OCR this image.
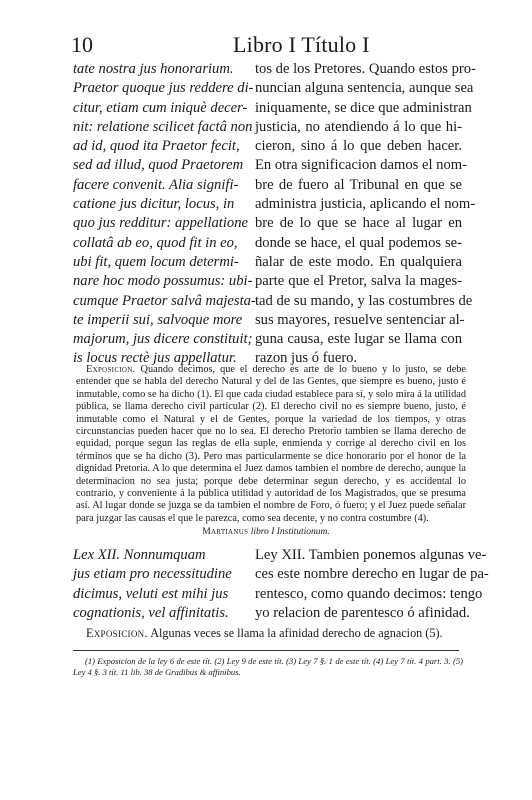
10	Libro I Título I
tate nostra jus honorarium.
Praetor quoque jus reddere di-
citur, etiam cum iniquè decer-
nit: relatione scilicet factâ non
ad id, quod ita Praetor fecit,
sed ad illud, quod Praetorem
facere convenit. Alia signifi-
catione jus dicitur, locus, in
quo jus redditur: appellatione
collatâ ab eo, quod fit in eo,
ubi fit, quem locum determi-
nare hoc modo possumus: ubi-
cumque Praetor salvâ majesta-
te imperii sui, salvoque more
majorum, jus dicere constituit;
is locus rectè jus appellatur.
tos de los Pretores. Quando estos pro-
nuncian alguna sentencia, aunque sea
iniquamente, se dice que administran
justicia, no atendiendo á lo que hi-
cieron, sino á lo que deben hacer.
En otra significacion damos el nom-
bre de fuero al Tribunal en que se
administra justicia, aplicando el nom-
bre de lo que se hace al lugar en
donde se hace, el qual podemos se-
ñalar de este modo. En qualquiera
parte que el Pretor, salva la mages-
tad de su mando, y las costumbres de
sus mayores, resuelve sentenciar al-
guna causa, este lugar se llama con
razon jus ó fuero.
Exposicion. Quando decimos, que el derecho es arte de lo bueno y lo justo, se debe entender que se habla del derecho Natural y del de las Gentes, que siempre es bueno, justo é inmutable, como se ha dicho (1). El que cada ciudad establece para sí, y solo mira á la utilidad pública, se llama derecho civil particular (2). El derecho civil no es siempre bueno, justo, é inmutable como el Natural y el de Gentes, porque la variedad de los tiempos, y otras circunstancias pueden hacer que no lo sea. El derecho Pretorio tambien se llama derecho de equidad, porque segun las reglas de ella suple, enmienda y corrige al derecho civil en los términos que se ha dicho (3). Pero mas particularmente se dice honorario por el honor de la dignidad Pretoria. A lo que determina el Juez damos tambien el nombre de derecho, aunque la determinacion no sea justa; porque debe determinar segun derecho, y es accidental lo contrario, y conveniente á la pública utilidad y autoridad de los Magistrados, que se presuma así. Al lugar donde se juzga se da tambien el nombre de Foro, ó fuero; y el Juez puede señalar para juzgar las causas el que le parezca, como sea decente, y no contra costumbre (4).
Martianus libro I Institutionum.
Lex XII. Nonnumquam
jus etiam pro necessitudine
dicimus, veluti est mihi jus
cognationis, vel affinitatis.
Ley XII. Tambien ponemos algunas ve-
ces este nombre derecho en lugar de pa-
rentesco, como quando decimos: tengo
yo relacion de parentesco ó afinidad.
Exposicion. Algunas veces se llama la afinidad derecho de agnacion (5).
(1) Exposicion de la ley 6 de este tít. (2) Ley 9 de este tít. (3) Ley 7 §. 1 de este tít. (4) Ley 7 tít. 4 part. 3. (5) Ley 4 §. 3 tít. 11 lib. 38 de Gradibus & affinibus.
